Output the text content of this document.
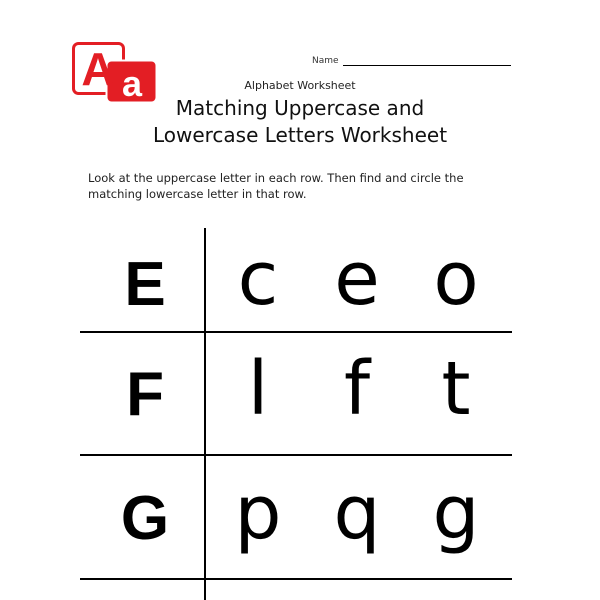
A a
Name
Alphabet Worksheet
Matching Uppercase and
Lowercase Letters Worksheet
Look at the uppercase letter in each row. Then find and circle the
matching lowercase letter in that row.
E c e o
F	l	f t
G p q g
